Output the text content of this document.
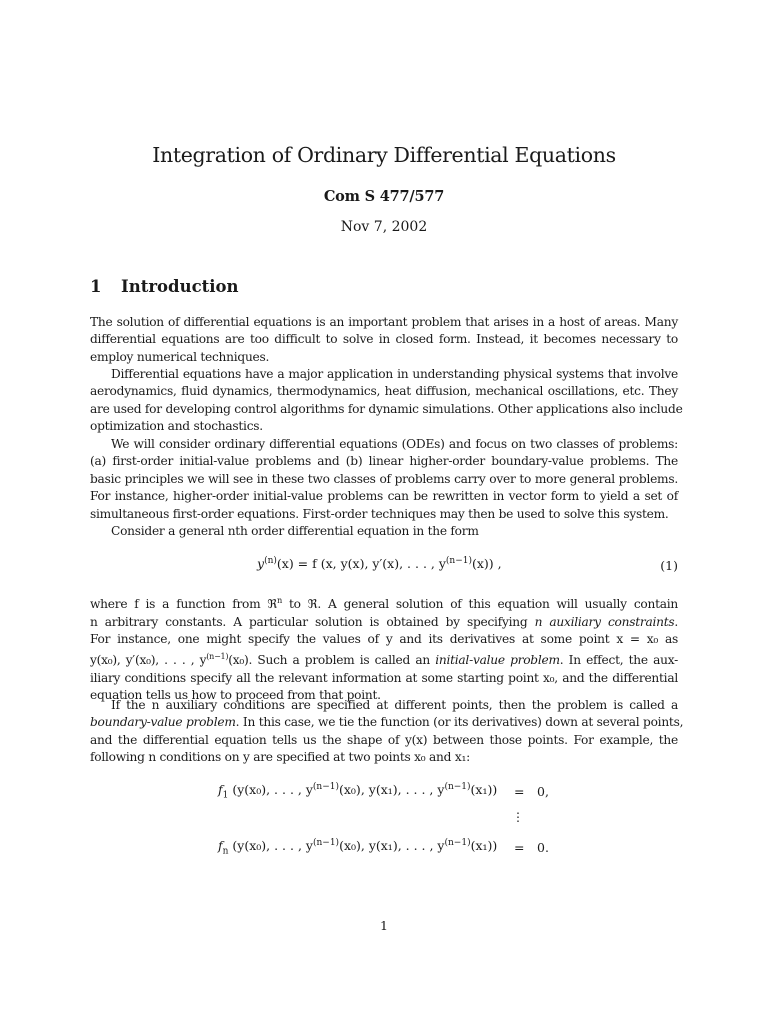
Integration of Ordinary Differential Equations
Com S 477/577
Nov 7, 2002
1 Introduction
The solution of differential equations is an important problem that arises in a host of areas. Many
differential equations are too difficult to solve in closed form. Instead, it becomes necessary to
employ numerical techniques.
Differential equations have a major application in understanding physical systems that involve
aerodynamics, fluid dynamics, thermodynamics, heat diffusion, mechanical oscillations, etc. They
are used for developing control algorithms for dynamic simulations. Other applications also include
optimization and stochastics.
We will consider ordinary differential equations (ODEs) and focus on two classes of problems:
(a) first-order initial-value problems and (b) linear higher-order boundary-value problems. The
basic principles we will see in these two classes of problems carry over to more general problems.
For instance, higher-order initial-value problems can be rewritten in vector form to yield a set of
simultaneous first-order equations. First-order techniques may then be used to solve this system.
Consider a general nth order differential equation in the form
$y^{(n)}(x) = f$ (x, y(x), y′(x), . . . , $y^{(n-1)}(x)$) ,	(1)
where f is a function from ℜ$^n$ to ℜ. A general solution of this equation will usually contain
n arbitrary constants. A particular solution is obtained by specifying n auxiliary constraints.
For instance, one might specify the values of y and its derivatives at some point x = x₀ as
y(x₀), y′(x₀), . . . , $y^{(n-1)}(x_0)$. Such a problem is called an initial-value problem. In effect, the aux-
iliary conditions specify all the relevant information at some starting point x₀, and the differential
equation tells us how to proceed from that point.
If the n auxiliary conditions are specified at different points, then the problem is called a
boundary-value problem. In this case, we tie the function (or its derivatives) down at several points,
and the differential equation tells us the shape of y(x) between those points. For example, the
following n conditions on y are specified at two points x₀ and x₁:
$f_1$ (y(x₀), . . . , $y^{(n-1)}(x_0)$, y(x₁), . . . , $y^{(n-1)}(x_1)) = 0$,
⋮
$f_n$ (y(x₀), . . . , $y^{(n-1)}(x_0)$, y(x₁), . . . , $y^{(n-1)}(x_1)) = 0$.
1
